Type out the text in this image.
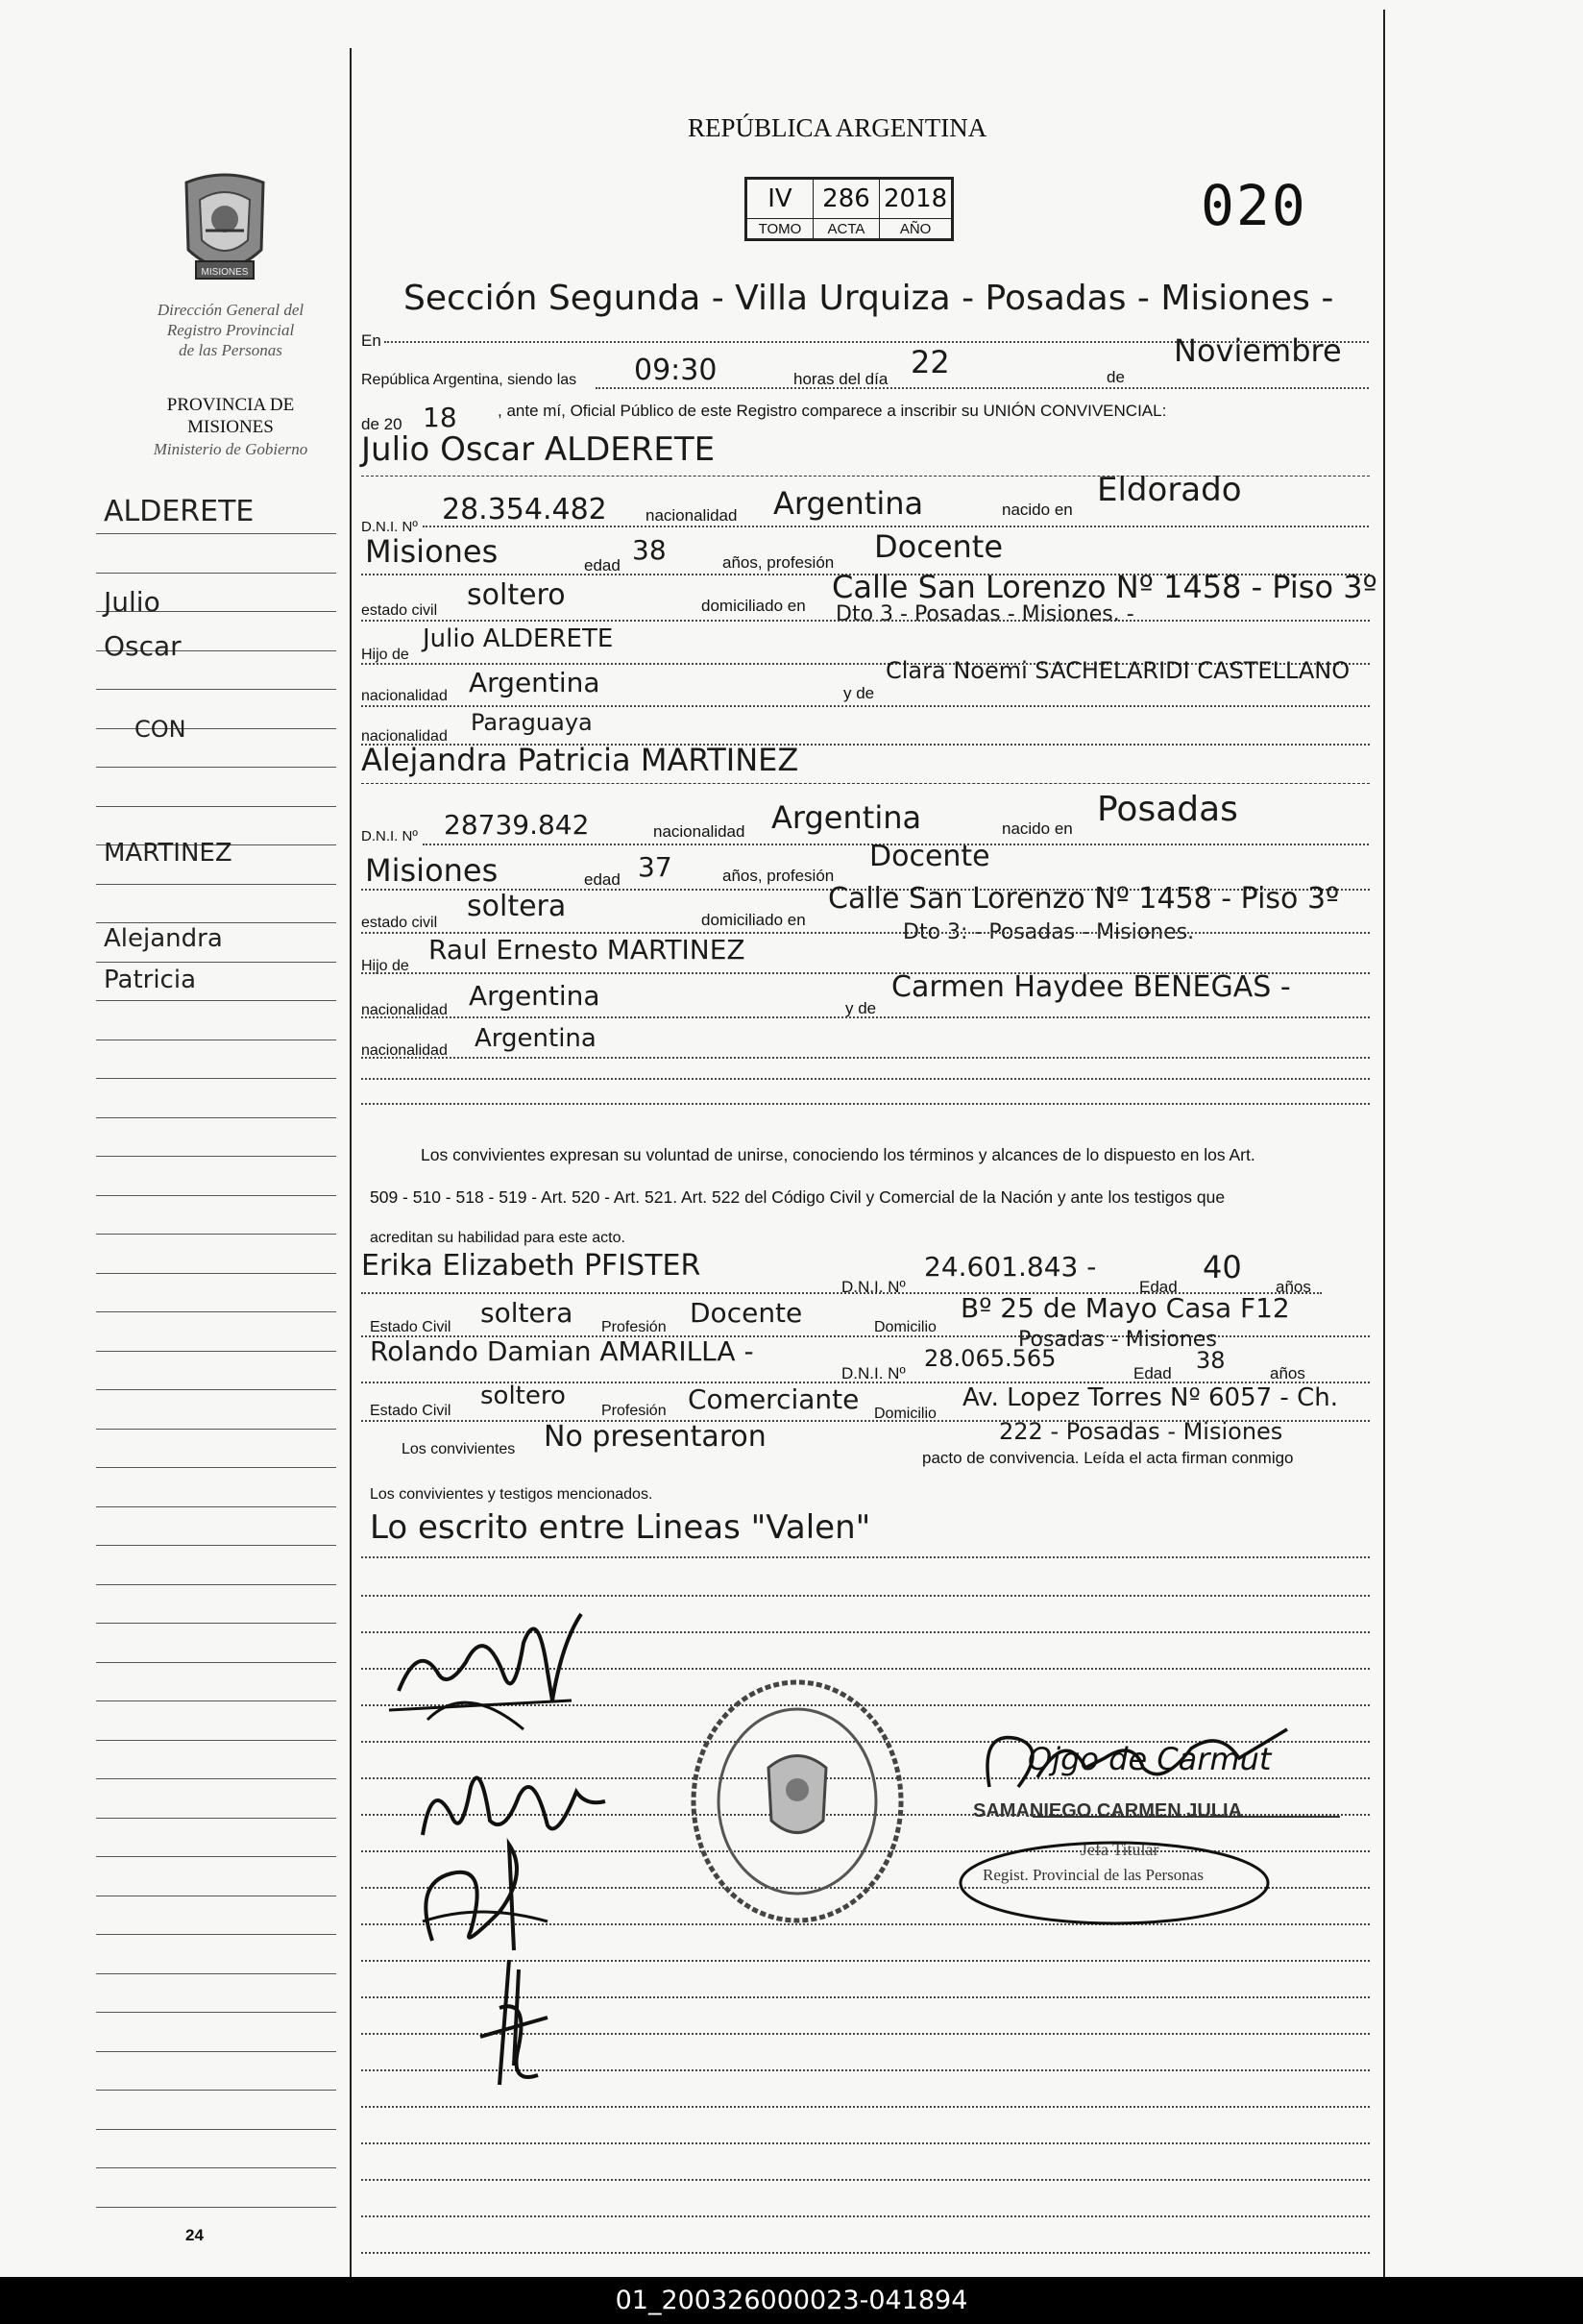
MISIONES
Dirección General del
Registro Provincial
de las Personas
PROVINCIA DE
MISIONES
Ministerio de Gobierno
ALDERETE
Julio
Oscar
CON
MARTINEZ
Alejandra
Patricia
24
REPÚBLICA ARGENTINA
IV	286	2018
TOMO	ACTA	AÑO	020
En
Sección Segunda - Villa Urquiza - Posadas - Misiones -
República Argentina, siendo las 09:30	horas del día 22	de
Noviembre
de 20 18 , ante mí, Oficial Público de este Registro comparece a inscribir su UNIÓN CONVIVENCIAL:
Julio Oscar ALDERETE
D.N.I. Nº
28.354.482 nacionalidad Argentina	nacido en
Eldorado
Misiones	edad 38	años, profesión Docente
estado civil soltero	domiciliado en
Calle San Lorenzo Nº 1458 - Piso 3º
Dto 3 - Posadas - Misiones. -
Hijo de
Julio ALDERETE
nacionalidad Argentina	y de
Clara Noemi SACHELARIDI CASTELLANO
nacionalidad
Paraguaya
Alejandra Patricia MARTINEZ
D.N.I. Nº 28739.842	nacionalidad Argentina	nacido en Posadas
Misiones	edad 37	años, profesión
Docente
estado civil soltera	domiciliado en
Calle San Lorenzo Nº 1458 - Piso 3º
Dto 3: - Posadas - Misiones.
Hijo de
Raul Ernesto MARTINEZ
nacionalidad Argentina	y de
Carmen Haydee BENEGAS -
nacionalidad Argentina
Los convivientes expresan su voluntad de unirse, conociendo los términos y alcances de lo dispuesto en los Art.
509 - 510 - 518 - 519 - Art. 520 - Art. 521. Art. 522 del Código Civil y Comercial de la Nación y ante los testigos que
acreditan su habilidad para este acto.
Erika Elizabeth PFISTER
D.N.I. Nº
24.601.843 -
Edad
40
años
Estado Civil soltera Profesión Docente	Domicilio
Bº 25 de Mayo Casa F12
Rolando Damian AMARILLA -	Posadas - Misiones
D.N.I. Nº
28.065.565
Edad 38	años
Estado Civil
soltero
Profesión Comerciante Domicilio
Av. Lopez Torres Nº 6057 - Ch.
Los convivientes No presentaron	222 - Posadas - Misiones
pacto de convivencia. Leída el acta firman conmigo
Los convivientes y testigos mencionados.
Lo escrito entre Lineas "Valen"
Ojgo de Carmut
SAMANIEGO CARMEN JULIA
Jefa Titular
Regist. Provincial de las Personas
01_200326000023-041894
